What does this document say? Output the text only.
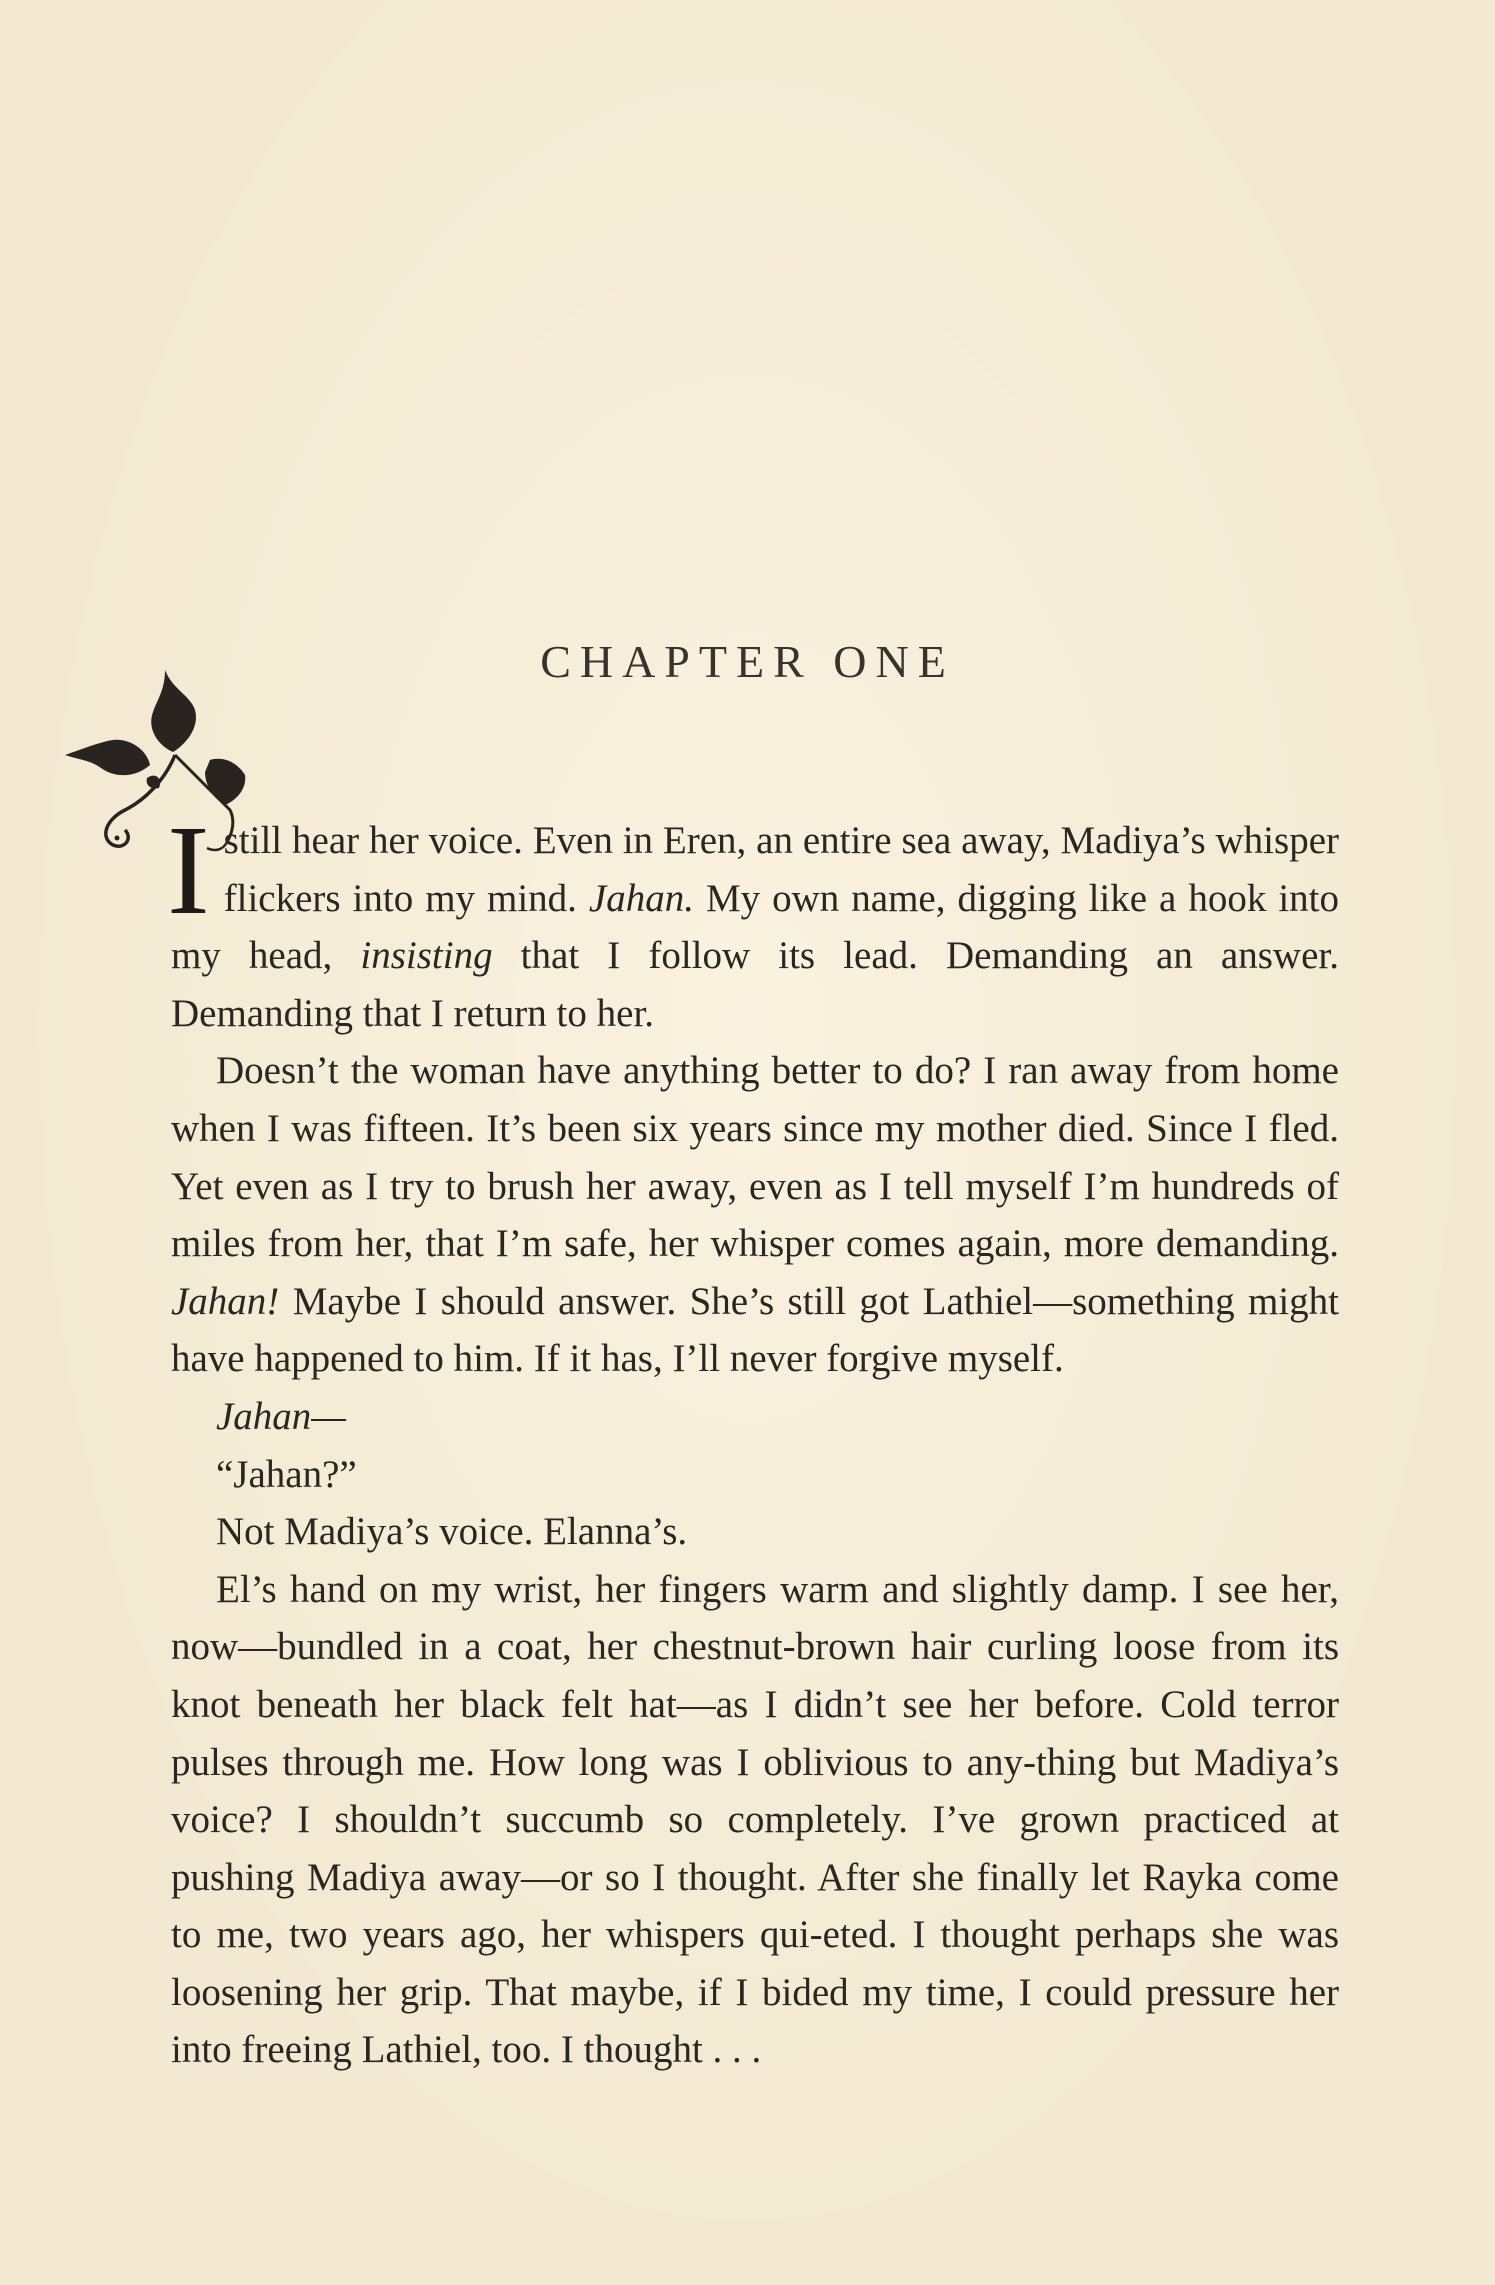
CHAPTER ONE

I still hear her voice. Even in Eren, an entire sea away, Madiya’s whisper flickers into my mind. Jahan. My own name, digging like a hook into my head, insisting that I follow its lead. Demanding an answer. Demanding that I return to her.

Doesn’t the woman have anything better to do? I ran away from home when I was fifteen. It’s been six years since my mother died. Since I fled. Yet even as I try to brush her away, even as I tell myself I’m hundreds of miles from her, that I’m safe, her whisper comes again, more demanding. Jahan! Maybe I should answer. She’s still got Lathiel—something might have happened to him. If it has, I’ll never forgive myself.

Jahan—

“Jahan?”

Not Madiya’s voice. Elanna’s.

El’s hand on my wrist, her fingers warm and slightly damp. I see her, now—bundled in a coat, her chestnut-brown hair curling loose from its knot beneath her black felt hat—as I didn’t see her before. Cold terror pulses through me. How long was I oblivious to any-thing but Madiya’s voice? I shouldn’t succumb so completely. I’ve grown practiced at pushing Madiya away—or so I thought. After she finally let Rayka come to me, two years ago, her whispers qui-eted. I thought perhaps she was loosening her grip. That maybe, if I bided my time, I could pressure her into freeing Lathiel, too. I thought . . .
